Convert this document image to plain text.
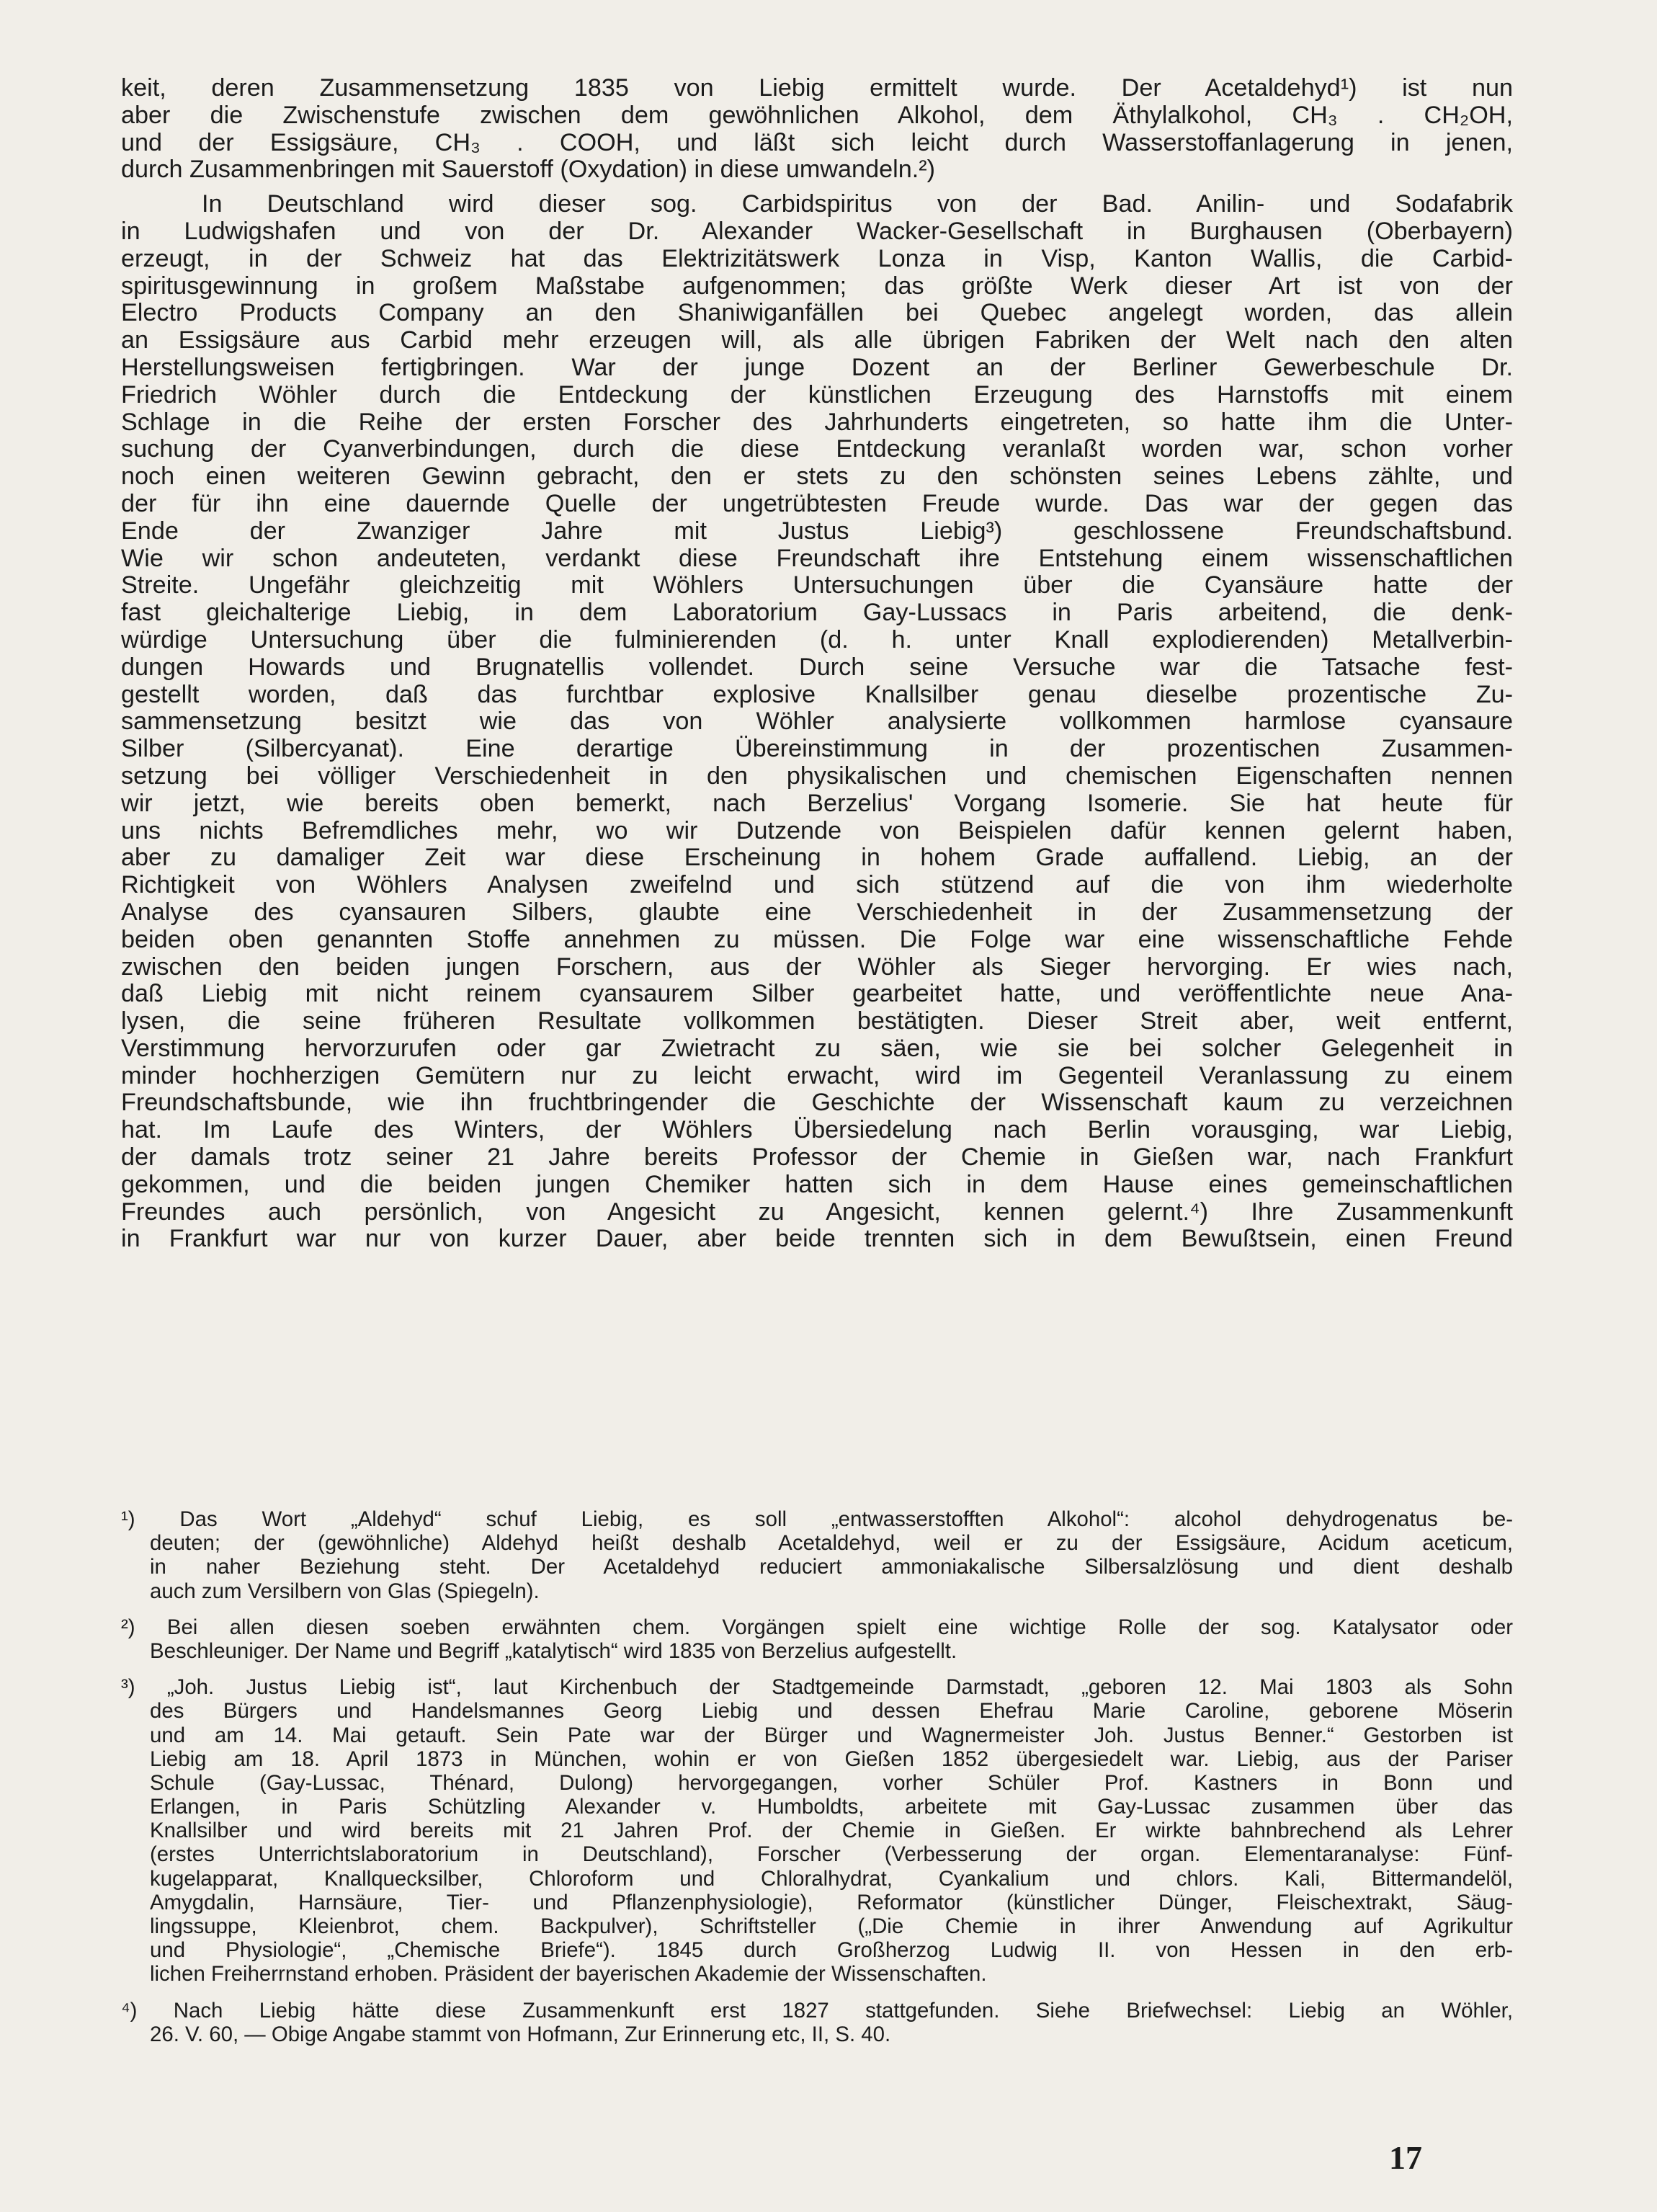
keit, deren Zusammensetzung 1835 von Liebig ermittelt wurde. Der Acetaldehyd¹) ist nun
aber die Zwischenstufe zwischen dem gewöhnlichen Alkohol, dem Äthylalkohol, CH₃ . CH₂OH,
und der Essigsäure, CH₃ . COOH, und läßt sich leicht durch Wasserstoffanlagerung in jenen,
durch Zusammenbringen mit Sauerstoff (Oxydation) in diese umwandeln.²)
In Deutschland wird dieser sog. Carbidspiritus von der Bad. Anilin- und Sodafabrik
in Ludwigshafen und von der Dr. Alexander Wacker-Gesellschaft in Burghausen (Oberbayern)
erzeugt, in der Schweiz hat das Elektrizitätswerk Lonza in Visp, Kanton Wallis, die Carbid-
spiritusgewinnung in großem Maßstabe aufgenommen; das größte Werk dieser Art ist von der
Electro Products Company an den Shaniwiganfällen bei Quebec angelegt worden, das allein
an Essigsäure aus Carbid mehr erzeugen will, als alle übrigen Fabriken der Welt nach den alten
Herstellungsweisen fertigbringen. War der junge Dozent an der Berliner Gewerbeschule Dr.
Friedrich Wöhler durch die Entdeckung der künstlichen Erzeugung des Harnstoffs mit einem
Schlage in die Reihe der ersten Forscher des Jahrhunderts eingetreten, so hatte ihm die Unter-
suchung der Cyanverbindungen, durch die diese Entdeckung veranlaßt worden war, schon vorher
noch einen weiteren Gewinn gebracht, den er stets zu den schönsten seines Lebens zählte, und
der für ihn eine dauernde Quelle der ungetrübtesten Freude wurde. Das war der gegen das
Ende der Zwanziger Jahre mit Justus Liebig³) geschlossene Freundschaftsbund.
Wie wir schon andeuteten, verdankt diese Freundschaft ihre Entstehung einem wissenschaftlichen
Streite. Ungefähr gleichzeitig mit Wöhlers Untersuchungen über die Cyansäure hatte der
fast gleichalterige Liebig, in dem Laboratorium Gay-Lussacs in Paris arbeitend, die denk-
würdige Untersuchung über die fulminierenden (d. h. unter Knall explodierenden) Metallverbin-
dungen Howards und Brugnatellis vollendet. Durch seine Versuche war die Tatsache fest-
gestellt worden, daß das furchtbar explosive Knallsilber genau dieselbe prozentische Zu-
sammensetzung besitzt wie das von Wöhler analysierte vollkommen harmlose cyansaure
Silber (Silbercyanat). Eine derartige Übereinstimmung in der prozentischen Zusammen-
setzung bei völliger Verschiedenheit in den physikalischen und chemischen Eigenschaften nennen
wir jetzt, wie bereits oben bemerkt, nach Berzelius' Vorgang Isomerie. Sie hat heute für
uns nichts Befremdliches mehr, wo wir Dutzende von Beispielen dafür kennen gelernt haben,
aber zu damaliger Zeit war diese Erscheinung in hohem Grade auffallend. Liebig, an der
Richtigkeit von Wöhlers Analysen zweifelnd und sich stützend auf die von ihm wiederholte
Analyse des cyansauren Silbers, glaubte eine Verschiedenheit in der Zusammensetzung der
beiden oben genannten Stoffe annehmen zu müssen. Die Folge war eine wissenschaftliche Fehde
zwischen den beiden jungen Forschern, aus der Wöhler als Sieger hervorging. Er wies nach,
daß Liebig mit nicht reinem cyansaurem Silber gearbeitet hatte, und veröffentlichte neue Ana-
lysen, die seine früheren Resultate vollkommen bestätigten. Dieser Streit aber, weit entfernt,
Verstimmung hervorzurufen oder gar Zwietracht zu säen, wie sie bei solcher Gelegenheit in
minder hochherzigen Gemütern nur zu leicht erwacht, wird im Gegenteil Veranlassung zu einem
Freundschaftsbunde, wie ihn fruchtbringender die Geschichte der Wissenschaft kaum zu verzeichnen
hat. Im Laufe des Winters, der Wöhlers Übersiedelung nach Berlin vorausging, war Liebig,
der damals trotz seiner 21 Jahre bereits Professor der Chemie in Gießen war, nach Frankfurt
gekommen, und die beiden jungen Chemiker hatten sich in dem Hause eines gemeinschaftlichen
Freundes auch persönlich, von Angesicht zu Angesicht, kennen gelernt.⁴) Ihre Zusammenkunft
in Frankfurt war nur von kurzer Dauer, aber beide trennten sich in dem Bewußtsein, einen Freund
¹) Das Wort „Aldehyd“ schuf Liebig, es soll „entwasserstofften Alkohol“: alcohol dehydrogenatus be-
deuten; der (gewöhnliche) Aldehyd heißt deshalb Acetaldehyd, weil er zu der Essigsäure, Acidum aceticum,
in naher Beziehung steht. Der Acetaldehyd reduciert ammoniakalische Silbersalzlösung und dient deshalb
auch zum Versilbern von Glas (Spiegeln).
²) Bei allen diesen soeben erwähnten chem. Vorgängen spielt eine wichtige Rolle der sog. Katalysator oder
Beschleuniger. Der Name und Begriff „katalytisch“ wird 1835 von Berzelius aufgestellt.
³) „Joh. Justus Liebig ist“, laut Kirchenbuch der Stadtgemeinde Darmstadt, „geboren 12. Mai 1803 als Sohn
des Bürgers und Handelsmannes Georg Liebig und dessen Ehefrau Marie Caroline, geborene Möserin
und am 14. Mai getauft. Sein Pate war der Bürger und Wagnermeister Joh. Justus Benner.“ Gestorben ist
Liebig am 18. April 1873 in München, wohin er von Gießen 1852 übergesiedelt war. Liebig, aus der Pariser
Schule (Gay-Lussac, Thénard, Dulong) hervorgegangen, vorher Schüler Prof. Kastners in Bonn und
Erlangen, in Paris Schützling Alexander v. Humboldts, arbeitete mit Gay-Lussac zusammen über das
Knallsilber und wird bereits mit 21 Jahren Prof. der Chemie in Gießen. Er wirkte bahnbrechend als Lehrer
(erstes Unterrichtslaboratorium in Deutschland), Forscher (Verbesserung der organ. Elementaranalyse: Fünf-
kugelapparat, Knallquecksilber, Chloroform und Chloralhydrat, Cyankalium und chlors. Kali, Bittermandelöl,
Amygdalin, Harnsäure, Tier- und Pflanzenphysiologie), Reformator (künstlicher Dünger, Fleischextrakt, Säug-
lingssuppe, Kleienbrot, chem. Backpulver), Schriftsteller („Die Chemie in ihrer Anwendung auf Agrikultur
und Physiologie“, „Chemische Briefe“). 1845 durch Großherzog Ludwig II. von Hessen in den erb-
lichen Freiherrnstand erhoben. Präsident der bayerischen Akademie der Wissenschaften.
⁴) Nach Liebig hätte diese Zusammenkunft erst 1827 stattgefunden. Siehe Briefwechsel: Liebig an Wöhler,
26. V. 60, — Obige Angabe stammt von Hofmann, Zur Erinnerung etc, II, S. 40.
17
